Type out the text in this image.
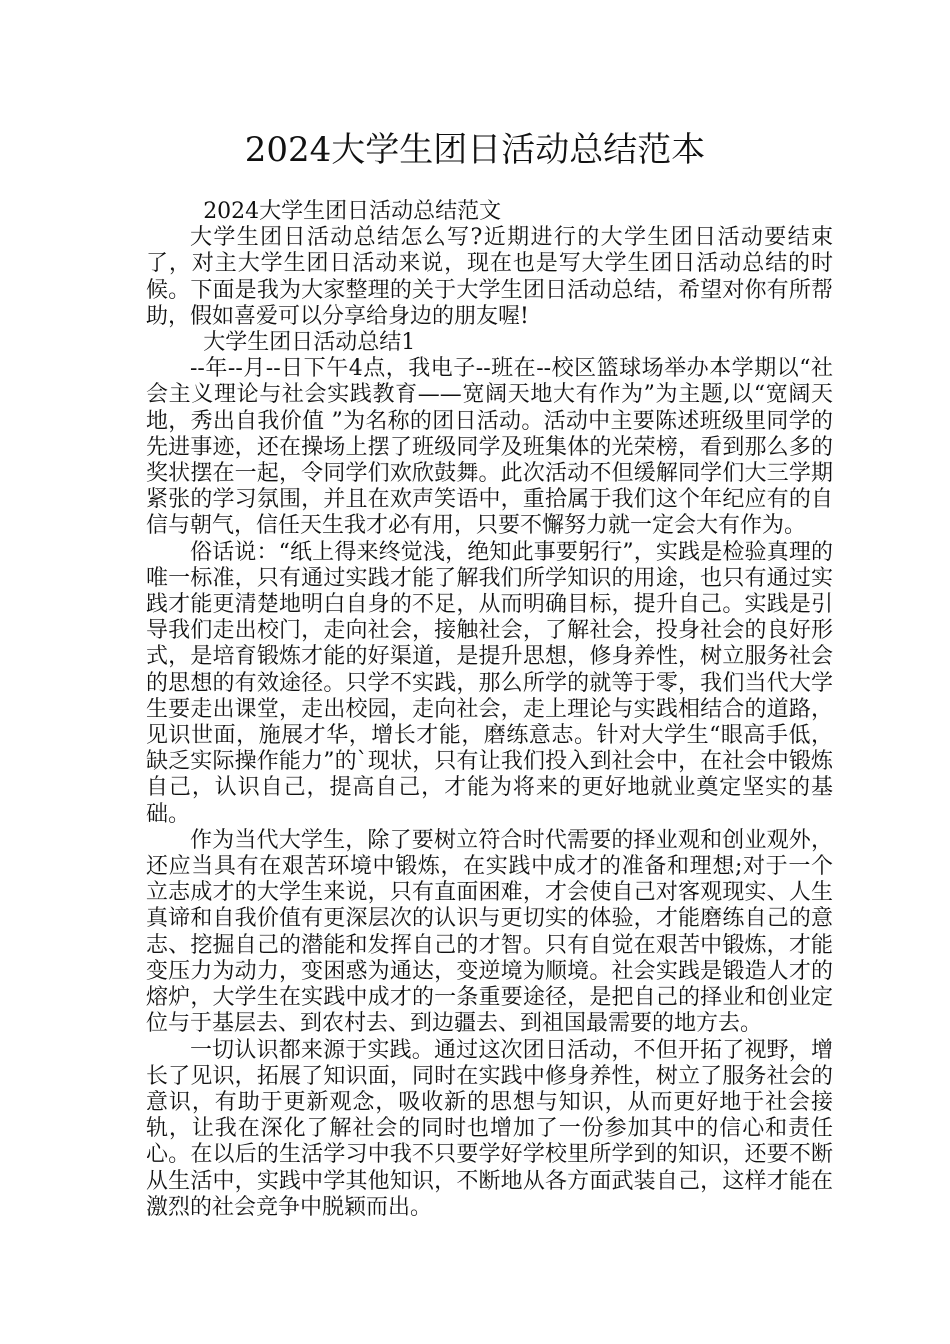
2024大学生团日活动总结范本

2024大学生团日活动总结范文

大学生团日活动总结怎么写?近期进行的大学生团日活动要结束了，对主大学生团日活动来说，现在也是写大学生团日活动总结的时候。下面是我为大家整理的关于大学生团日活动总结，希望对你有所帮助，假如喜爱可以分享给身边的朋友喔!

大学生团日活动总结1

--年--月--日下午4点，我电子--班在--校区篮球场举办本学期以“社会主义理论与社会实践教育——宽阔天地大有作为”为主题,以“宽阔天地，秀出自我价值 ”为名称的团日活动。活动中主要陈述班级里同学的先进事迹，还在操场上摆了班级同学及班集体的光荣榜，看到那么多的奖状摆在一起，令同学们欢欣鼓舞。此次活动不但缓解同学们大三学期紧张的学习氛围，并且在欢声笑语中，重拾属于我们这个年纪应有的自信与朝气，信任天生我才必有用，只要不懈努力就一定会大有作为。

俗话说：“纸上得来终觉浅，绝知此事要躬行”，实践是检验真理的唯一标准，只有通过实践才能了解我们所学知识的用途，也只有通过实践才能更清楚地明白自身的不足，从而明确目标，提升自己。实践是引导我们走出校门，走向社会，接触社会，了解社会，投身社会的良好形式，是培育锻炼才能的好渠道，是提升思想，修身养性，树立服务社会的思想的有效途径。只学不实践，那么所学的就等于零，我们当代大学生要走出课堂，走出校园，走向社会，走上理论与实践相结合的道路，见识世面，施展才华，增长才能，磨练意志。针对大学生“眼高手低，缺乏实际操作能力”的`现状，只有让我们投入到社会中，在社会中锻炼自己，认识自己，提高自己，才能为将来的更好地就业奠定坚实的基础。

作为当代大学生，除了要树立符合时代需要的择业观和创业观外，还应当具有在艰苦环境中锻炼，在实践中成才的准备和理想;对于一个立志成才的大学生来说，只有直面困难，才会使自己对客观现实、人生真谛和自我价值有更深层次的认识与更切实的体验，才能磨练自己的意志、挖掘自己的潜能和发挥自己的才智。只有自觉在艰苦中锻炼，才能变压力为动力，变困惑为通达，变逆境为顺境。社会实践是锻造人才的熔炉，大学生在实践中成才的一条重要途径，是把自己的择业和创业定位与于基层去、到农村去、到边疆去、到祖国最需要的地方去。

一切认识都来源于实践。通过这次团日活动，不但开拓了视野，增长了见识，拓展了知识面，同时在实践中修身养性，树立了服务社会的意识，有助于更新观念，吸收新的思想与知识，从而更好地于社会接轨，让我在深化了解社会的同时也增加了一份参加其中的信心和责任心。在以后的生活学习中我不只要学好学校里所学到的知识，还要不断从生活中，实践中学其他知识，不断地从各方面武装自己，这样才能在激烈的社会竞争中脱颖而出。
